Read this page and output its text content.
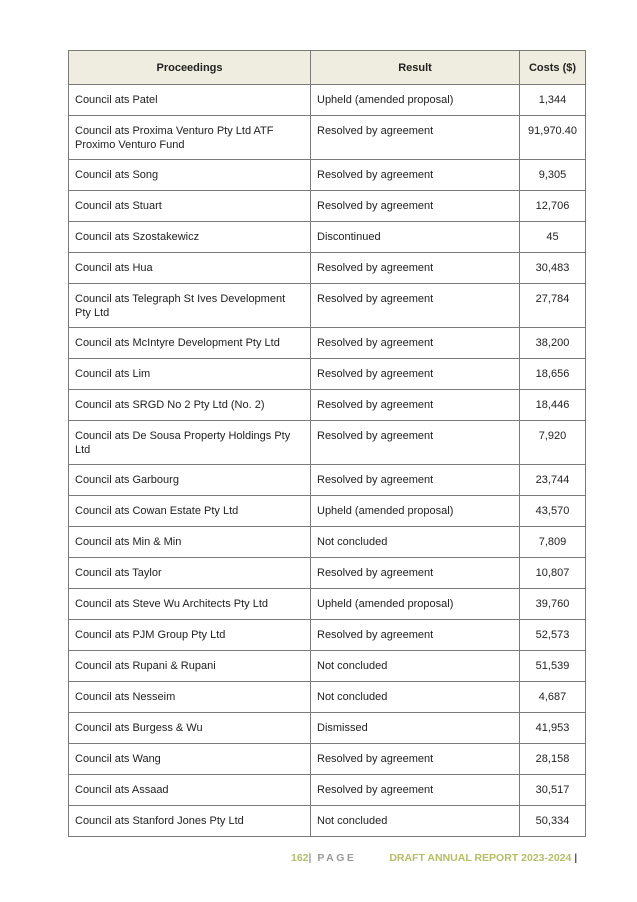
Proceedings	Result	Costs ($)
Council ats Patel	Upheld (amended proposal)	1,344
Council ats Proxima Venturo Pty Ltd ATF Proximo Venturo Fund	Resolved by agreement	91,970.40
Council ats Song	Resolved by agreement	9,305
Council ats Stuart	Resolved by agreement	12,706
Council ats Szostakewicz	Discontinued	45
Council ats Hua	Resolved by agreement	30,483
Council ats Telegraph St Ives Development Pty Ltd	Resolved by agreement	27,784
Council ats McIntyre Development Pty Ltd	Resolved by agreement	38,200
Council ats Lim	Resolved by agreement	18,656
Council ats SRGD No 2 Pty Ltd (No. 2)	Resolved by agreement	18,446
Council ats De Sousa Property Holdings Pty Ltd	Resolved by agreement	7,920
Council ats Garbourg	Resolved by agreement	23,744
Council ats Cowan Estate Pty Ltd	Upheld (amended proposal)	43,570
Council ats Min & Min	Not concluded	7,809
Council ats Taylor	Resolved by agreement	10,807
Council ats Steve Wu Architects Pty Ltd	Upheld (amended proposal)	39,760
Council ats PJM Group Pty Ltd	Resolved by agreement	52,573
Council ats Rupani & Rupani	Not concluded	51,539
Council ats Nesseim	Not concluded	4,687
Council ats Burgess & Wu	Dismissed	41,953
Council ats Wang	Resolved by agreement	28,158
Council ats Assaad	Resolved by agreement	30,517
Council ats Stanford Jones Pty Ltd	Not concluded	50,334
162| PAGE	DRAFT ANNUAL REPORT 2023-2024 |
